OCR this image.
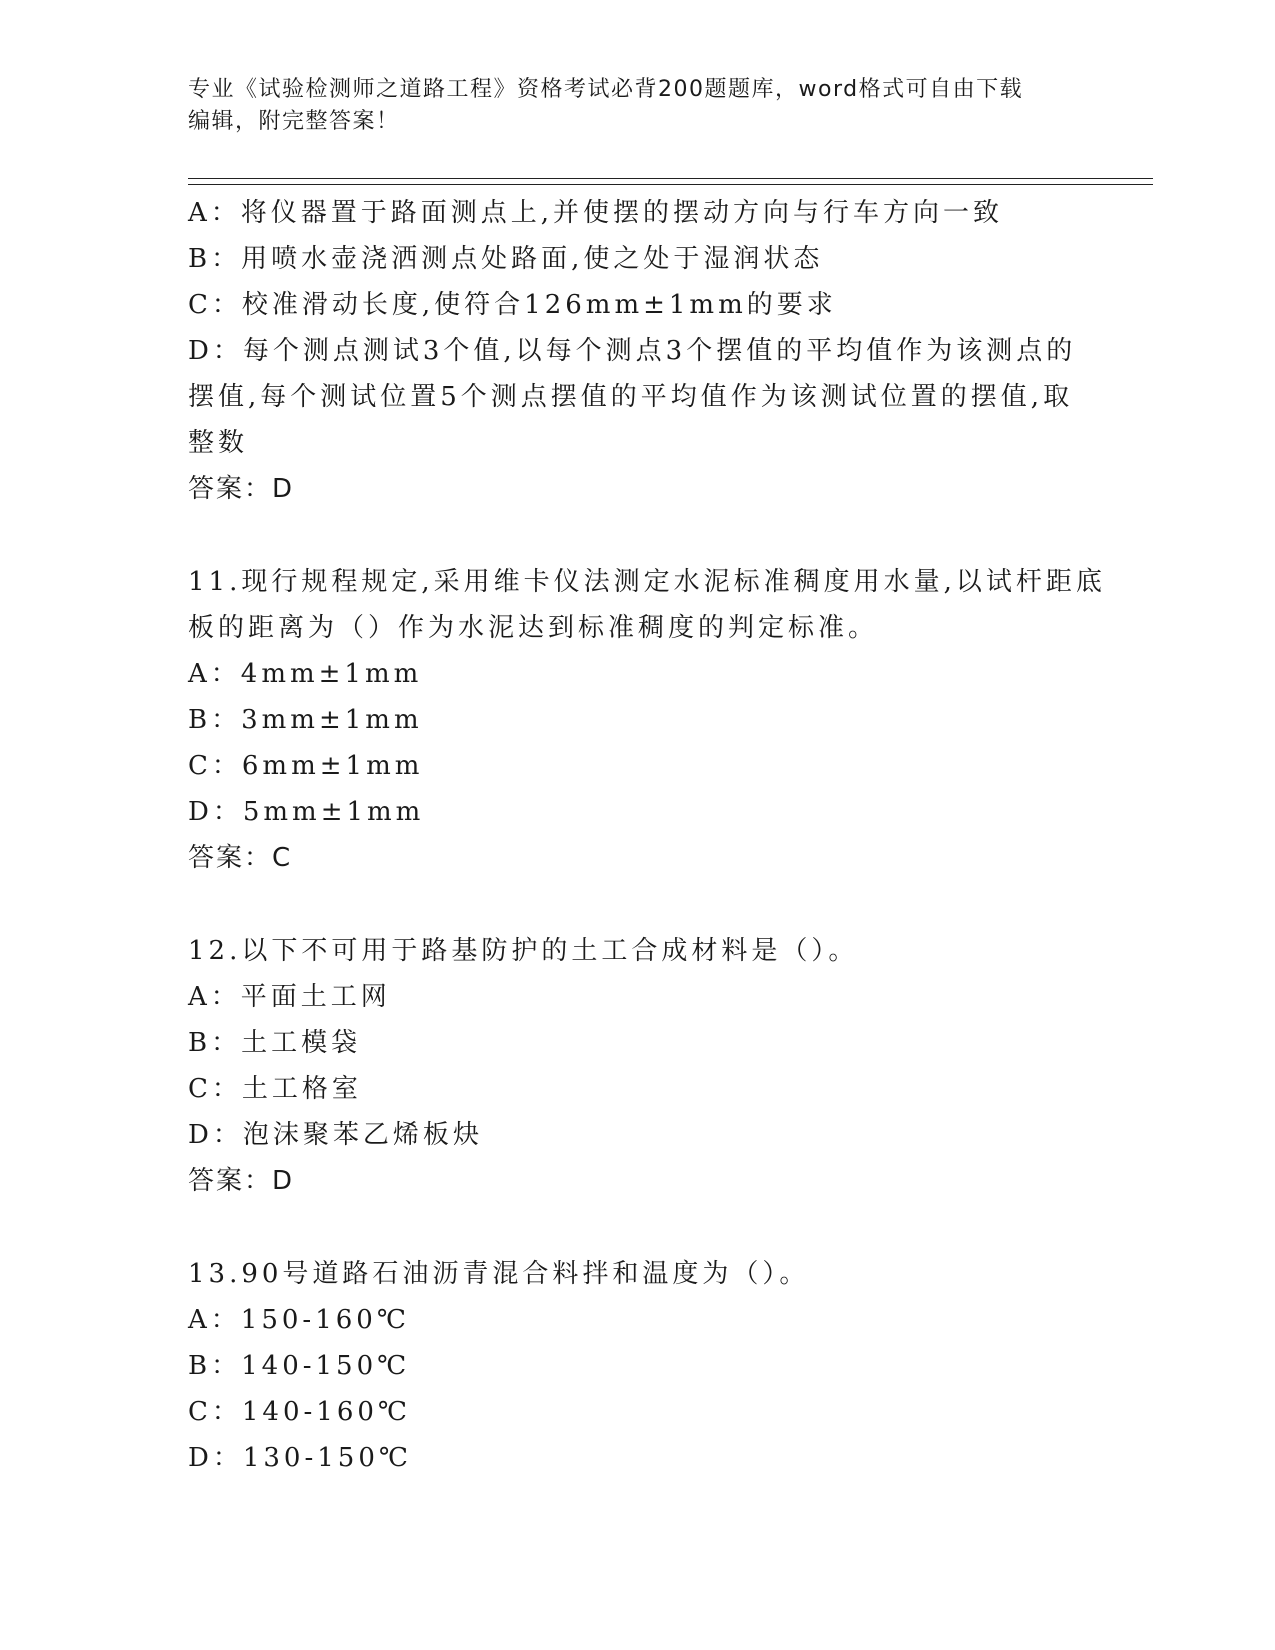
专业《试验检测师之道路工程》资格考试必背200题题库，word格式可自由下载
编辑，附完整答案！
A：将仪器置于路面测点上,并使摆的摆动方向与行车方向一致
B：用喷水壶浇洒测点处路面,使之处于湿润状态
C：校准滑动长度,使符合126mm±1mm的要求
D：每个测点测试3个值,以每个测点3个摆值的平均值作为该测点的
摆值,每个测试位置5个测点摆值的平均值作为该测试位置的摆值,取
整数
答案：D
11.现行规程规定,采用维卡仪法测定水泥标准稠度用水量,以试杆距底
板的距离为（）作为水泥达到标准稠度的判定标准。
A：4mm±1mm
B：3mm±1mm
C：6mm±1mm
D：5mm±1mm
答案：C
12.以下不可用于路基防护的土工合成材料是（）。
A：平面土工网
B：土工模袋
C：土工格室
D：泡沫聚苯乙烯板炔
答案：D
13.90号道路石油沥青混合料拌和温度为（）。
A：150-160℃
B：140-150℃
C：140-160℃
D：130-150℃
